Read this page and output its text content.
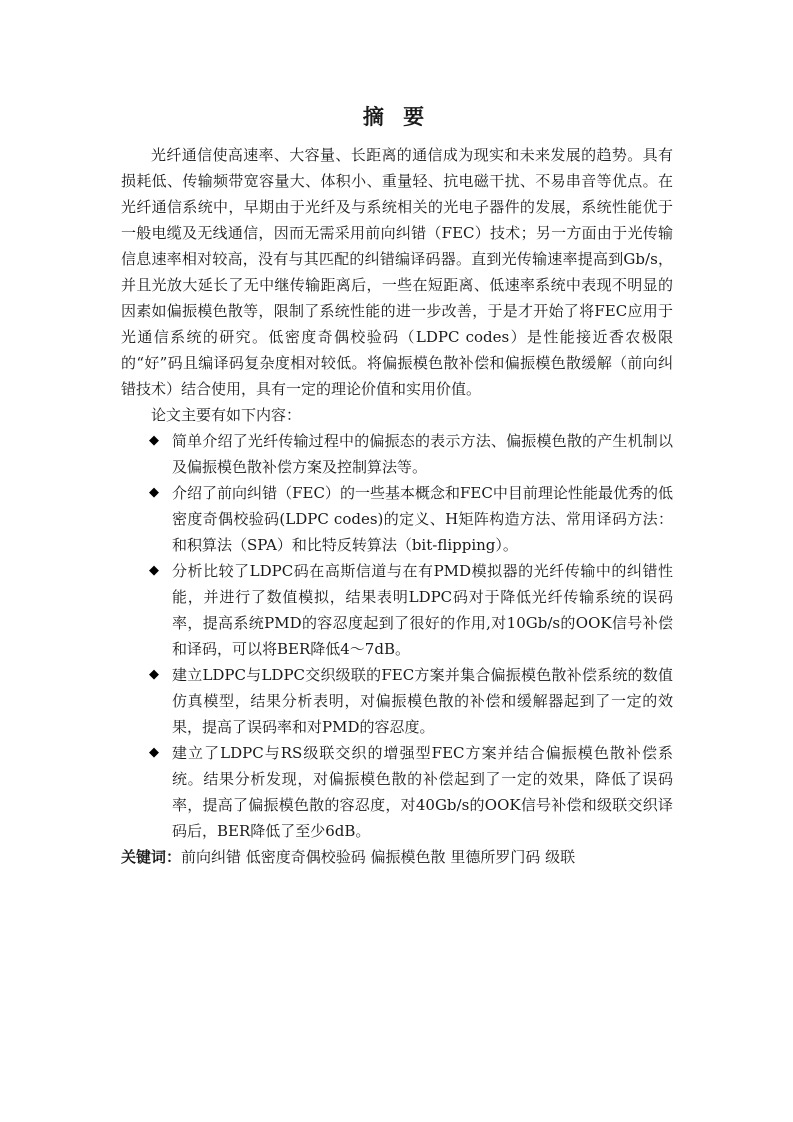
摘 要

光纤通信使高速率、大容量、长距离的通信成为现实和未来发展的趋势。具有损耗低、传输频带宽容量大、体积小、重量轻、抗电磁干扰、不易串音等优点。在光纤通信系统中，早期由于光纤及与系统相关的光电子器件的发展，系统性能优于一般电缆及无线通信，因而无需采用前向纠错（FEC）技术；另一方面由于光传输信息速率相对较高，没有与其匹配的纠错编译码器。直到光传输速率提高到Gb/s，并且光放大延长了无中继传输距离后，一些在短距离、低速率系统中表现不明显的因素如偏振模色散等，限制了系统性能的进一步改善，于是才开始了将FEC应用于光通信系统的研究。低密度奇偶校验码（LDPC codes）是性能接近香农极限的“好”码且编译码复杂度相对较低。将偏振模色散补偿和偏振模色散缓解（前向纠错技术）结合使用，具有一定的理论价值和实用价值。

论文主要有如下内容：

◆ 简单介绍了光纤传输过程中的偏振态的表示方法、偏振模色散的产生机制以及偏振模色散补偿方案及控制算法等。
◆ 介绍了前向纠错（FEC）的一些基本概念和FEC中目前理论性能最优秀的低密度奇偶校验码(LDPC codes)的定义、H矩阵构造方法、常用译码方法：和积算法（SPA）和比特反转算法（bit-flipping）。
◆ 分析比较了LDPC码在高斯信道与在有PMD模拟器的光纤传输中的纠错性能，并进行了数值模拟，结果表明LDPC码对于降低光纤传输系统的误码率，提高系统PMD的容忍度起到了很好的作用,对10Gb/s的OOK信号补偿和译码，可以将BER降低4～7dB。
◆ 建立LDPC与LDPC交织级联的FEC方案并集合偏振模色散补偿系统的数值仿真模型，结果分析表明，对偏振模色散的补偿和缓解器起到了一定的效果，提高了误码率和对PMD的容忍度。
◆ 建立了LDPC与RS级联交织的增强型FEC方案并结合偏振模色散补偿系统。结果分析发现，对偏振模色散的补偿起到了一定的效果，降低了误码率，提高了偏振模色散的容忍度，对40Gb/s的OOK信号补偿和级联交织译码后，BER降低了至少6dB。

关键词：前向纠错 低密度奇偶校验码 偏振模色散 里德所罗门码 级联
